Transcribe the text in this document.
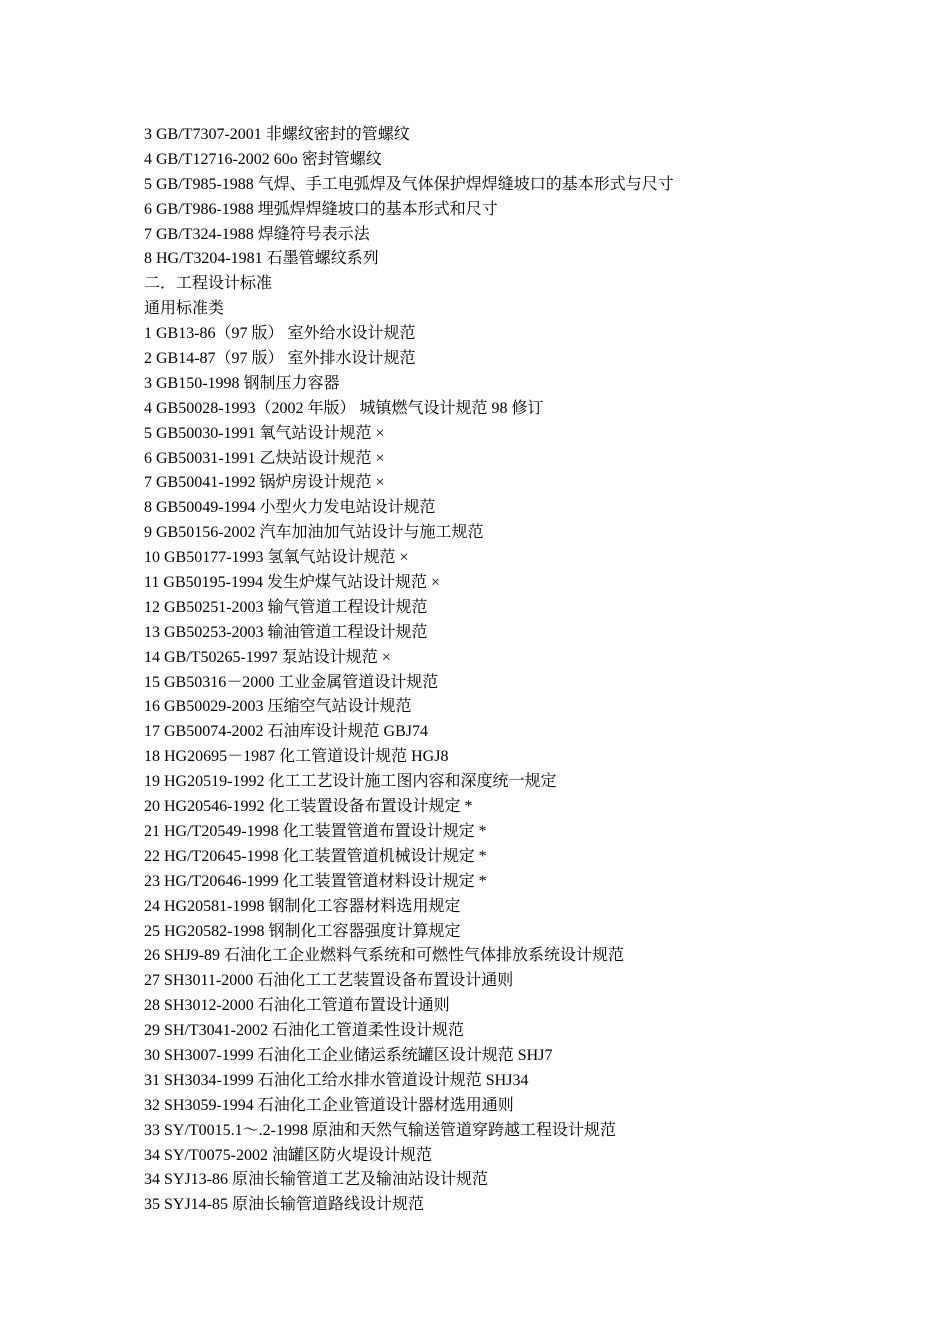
3 GB/T7307-2001 非螺纹密封的管螺纹
4 GB/T12716-2002 60o 密封管螺纹
5 GB/T985-1988 气焊、手工电弧焊及气体保护焊焊缝坡口的基本形式与尺寸
6 GB/T986-1988 埋弧焊焊缝坡口的基本形式和尺寸
7 GB/T324-1988 焊缝符号表示法
8 HG/T3204-1981 石墨管螺纹系列
二．工程设计标准
通用标准类
1 GB13-86（97 版） 室外给水设计规范
2 GB14-87（97 版） 室外排水设计规范
3 GB150-1998 钢制压力容器
4 GB50028-1993（2002 年版） 城镇燃气设计规范 98 修订
5 GB50030-1991 氧气站设计规范 ×
6 GB50031-1991 乙炔站设计规范 ×
7 GB50041-1992 锅炉房设计规范 ×
8 GB50049-1994 小型火力发电站设计规范
9 GB50156-2002 汽车加油加气站设计与施工规范
10 GB50177-1993 氢氧气站设计规范 ×
11 GB50195-1994 发生炉煤气站设计规范 ×
12 GB50251-2003 输气管道工程设计规范
13 GB50253-2003 输油管道工程设计规范
14 GB/T50265-1997 泵站设计规范 ×
15 GB50316－2000 工业金属管道设计规范
16 GB50029-2003 压缩空气站设计规范
17 GB50074-2002 石油库设计规范 GBJ74
18 HG20695－1987 化工管道设计规范 HGJ8
19 HG20519-1992 化工工艺设计施工图内容和深度统一规定
20 HG20546-1992 化工装置设备布置设计规定 *
21 HG/T20549-1998 化工装置管道布置设计规定 *
22 HG/T20645-1998 化工装置管道机械设计规定 *
23 HG/T20646-1999 化工装置管道材料设计规定 *
24 HG20581-1998 钢制化工容器材料选用规定
25 HG20582-1998 钢制化工容器强度计算规定
26 SHJ9-89 石油化工企业燃料气系统和可燃性气体排放系统设计规范
27 SH3011-2000 石油化工工艺装置设备布置设计通则
28 SH3012-2000 石油化工管道布置设计通则
29 SH/T3041-2002 石油化工管道柔性设计规范
30 SH3007-1999 石油化工企业储运系统罐区设计规范 SHJ7
31 SH3034-1999 石油化工给水排水管道设计规范 SHJ34
32 SH3059-1994 石油化工企业管道设计器材选用通则
33 SY/T0015.1～.2-1998 原油和天然气输送管道穿跨越工程设计规范
34 SY/T0075-2002 油罐区防火堤设计规范
34 SYJ13-86 原油长输管道工艺及输油站设计规范
35 SYJ14-85 原油长输管道路线设计规范
